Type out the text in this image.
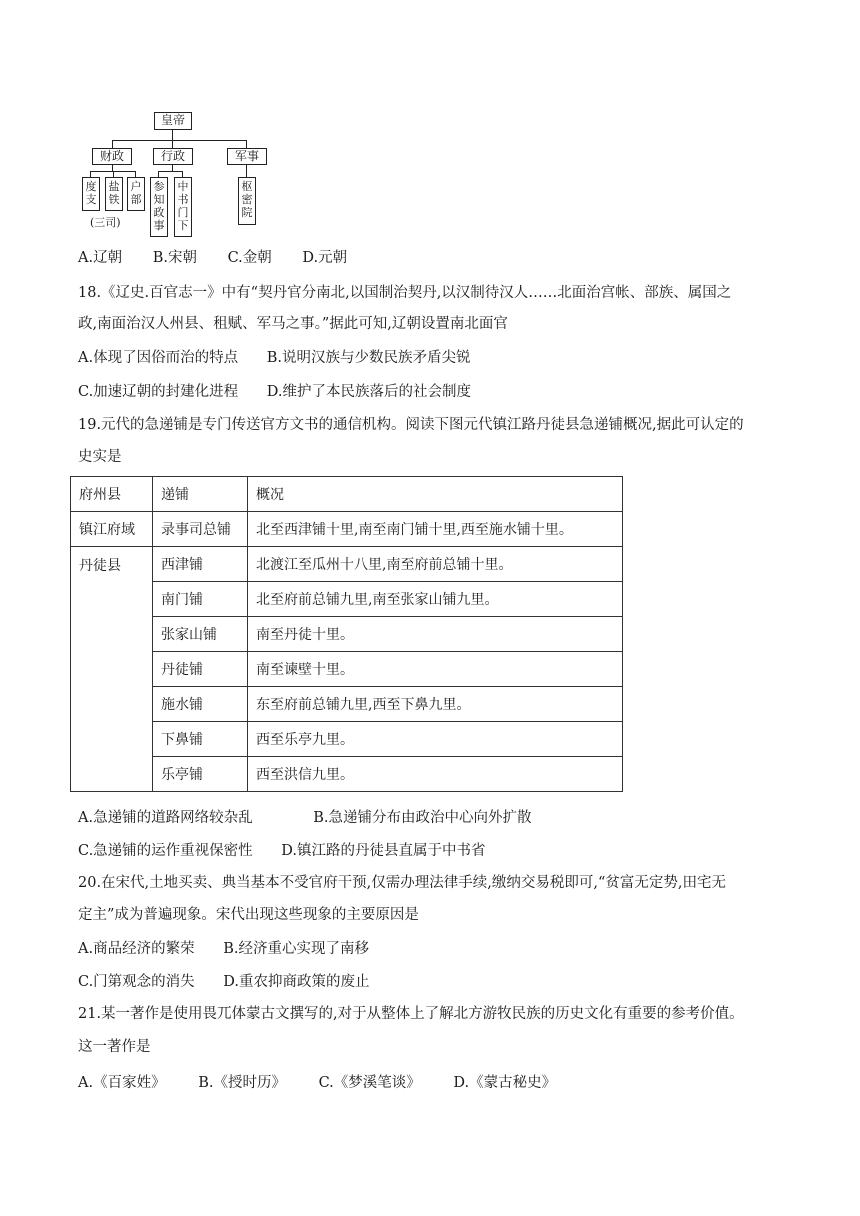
皇帝
财政	行政	军事
度支
盐铁
户部
(三司)
参知政事
中书门下
枢密院
A.辽朝 B.宋朝 C.金朝 D.元朝
18.《辽史.百官志一》中有“契丹官分南北,以国制治契丹,以汉制待汉人……北面治宫帐、部族、属国之
政,南面治汉人州县、租赋、军马之事。”据此可知,辽朝设置南北面官
A.体现了因俗而治的特点 B.说明汉族与少数民族矛盾尖锐
C.加速辽朝的封建化进程 D.维护了本民族落后的社会制度
19.元代的急递铺是专门传送官方文书的通信机构。阅读下图元代镇江路丹徒县急递铺概况,据此可认定的
史实是
府州县	递铺	概况
镇江府域	录事司总铺	北至西津铺十里,南至南门铺十里,西至施水铺十里。
丹徒县	西津铺	北渡江至瓜州十八里,南至府前总铺十里。
	南门铺	北至府前总铺九里,南至张家山铺九里。
	张家山铺	南至丹徒十里。
	丹徒铺	南至谏壁十里。
	施水铺	东至府前总铺九里,西至下鼻九里。
	下鼻铺	西至乐亭九里。
	乐亭铺	西至洪信九里。
A.急递铺的道路网络较杂乱	B.急递铺分布由政治中心向外扩散
C.急递铺的运作重视保密性 D.镇江路的丹徒县直属于中书省
20.在宋代,土地买卖、典当基本不受官府干预,仅需办理法律手续,缴纳交易税即可,“贫富无定势,田宅无
定主”成为普遍现象。宋代出现这些现象的主要原因是
A.商品经济的繁荣 B.经济重心实现了南移
C.门第观念的消失 D.重农抑商政策的废止
21.某一著作是使用畏兀体蒙古文撰写的,对于从整体上了解北方游牧民族的历史文化有重要的参考价值。
这一著作是
A.《百家姓》 B.《授时历》 C.《梦溪笔谈》 D.《蒙古秘史》
